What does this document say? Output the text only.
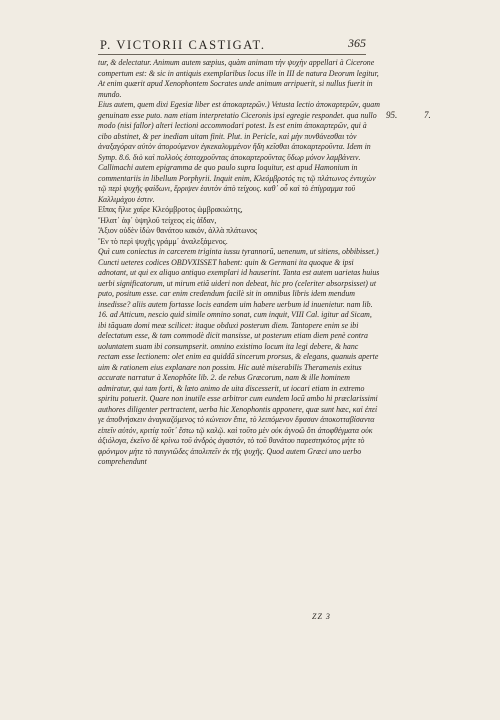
P. VICTORII CASTIGAT.	365
95.	7.

tur, & delectatur. Animum autem sæpius, quàm animam τὴν ψυχὴν appellari à Cicerone compertum est: & sic in antiquis exemplaribus locus ille in III de natura Deorum legitur, At enim quærit apud Xenophontem Socrates unde animum arripuerit, si nullus fuerit in mundo.

Eius autem, quem dixi Egesiæ liber est ἀποκαρτερῶν.) Vetusta lectio ἀποκαρτερῶν, quam genuinam esse puto. nam etiam interpretatio Ciceronis ipsi egregie respondet. qua nullo modo (nisi fallor) alteri lectioni accommodari potest. Is est enim ἀποκαρτερῶν, qui à cibo abstinet, & per inediam uitam finit. Plut. in Pericle, καὶ μὴν πυνθάνεσθαι τὸν ἀναξαγόραν αὐτὸν ἀπορούμενον ἐγκεκαλυμμένον ἤδη κεῖσθαι ἀποκαρτεροῦντα. Idem in Symp. 8.6. διὸ καὶ πολλοὺς ἐσιτοχροῦντας ἀποκαρτεροῦντας ὕδωρ μόνον λαμβάνειν. Callimachi autem epigramma de quo paulo supra loquitur, est apud Hamonium in commentariis in libellum Porphyrii. Inquit enim, Κλεόμβροτός τις τῷ πλάτωνος ἐντυχὼν τῷ περὶ ψυχῆς φαίδωνι, ἔρριψεν ἑαυτὸν ἀπὸ τείχους. καθ᾽ οὗ καὶ τὸ ἐπίγραμμα τοῦ Καλλιμάχου ἐστιν.

Εἴπας ἥλιε χαῖρε Κλεόμβροτος ὡμβρακιώτης,

Ἥλατ᾽ ἀφ᾽ ὑψηλοῦ τείχεος εἰς ἀΐδαν,

Ἄξιον οὐδὲν ἰδὼν θανάτου κακόν, ἀλλὰ πλάτωνος

Ἓν τὸ περὶ ψυχῆς γράμμ᾽ ἀναλεξάμενος.

Quì cum coniectus in carcerem triginta iussu tyrannorũ, uenenum, ut sitiens, obbibisset.) Cuncti ueteres codices OBDVXISSET habent: quin & Germani ita quoque & ipsi adnotant, ut qui ex aliquo antiquo exemplari id hauserint. Tanta est autem uarietas huius uerbi significatorum, ut mirum etiã uideri non debeat, hic pro (celeriter absorpsisset) ut puto, positum esse. car enim credendum facilè sit in omnibus libris idem mendum insedisse? aliis autem fortasse locis eandem uim habere uerbum id inuenietur. nam lib. 16. ad Atticum, nescio quid simile omnino sonat, cum inquit, VIII Cal. igitur ad Sicam, ibi tãquam domi meæ scilicet: itaque obduxi posterum diem. Tantopere enim se ibi delectatum esse, & tam commodè dicit mansisse, ut posterum etiam diem penè contra uoluntatem suam ibi consumpserit. omnino existimo locum ita legi debere, & hanc rectam esse lectionem: olet enim ea quiddã sincerum prorsus, & elegans, quanuis aperte uim & rationem eius explanare non possim. Hic autè miserabilis Theramenis exitus accurate narratur à Xenophõte lib. 2. de rebus Græcorum, nam & ille hominem admiratur, qui tam forti, & læto animo de uita discesserit, ut iocari etiam in extremo spiritu potuerit. Quare non inutile esse arbitror cum eundem locũ ambo hi præclarissimi authores diligenter pertractent, uerba hic Xenophontis apponere, quæ sunt hæc, καὶ ἐπεί γε ἀποθνήσκειν ἀναγκαζόμενος τὸ κώνειον ἔπιε, τὸ λειπόμενον ἔφασαν ἀποκοτταβίσαντα εἰπεῖν αὐτόν, κριτίᾳ τοῦτ᾽ ἔστω τῷ καλῷ. καὶ τοῦτο μὲν οὐκ ἀγνοῶ ὅτι ἀποφθέγματα οὐκ ἀξιόλογα, ἐκεῖνο δὲ κρίνω τοῦ ἀνδρὸς ἀγαστόν, τὸ τοῦ θανάτου παρεστηκότος μήτε τὸ φρόνιμον μήτε τὸ παιγνιῶδες ἀπολιπεῖν ἐκ τῆς ψυχῆς. Quod autem Græci uno uerbo comprehendunt

ZZ 3
